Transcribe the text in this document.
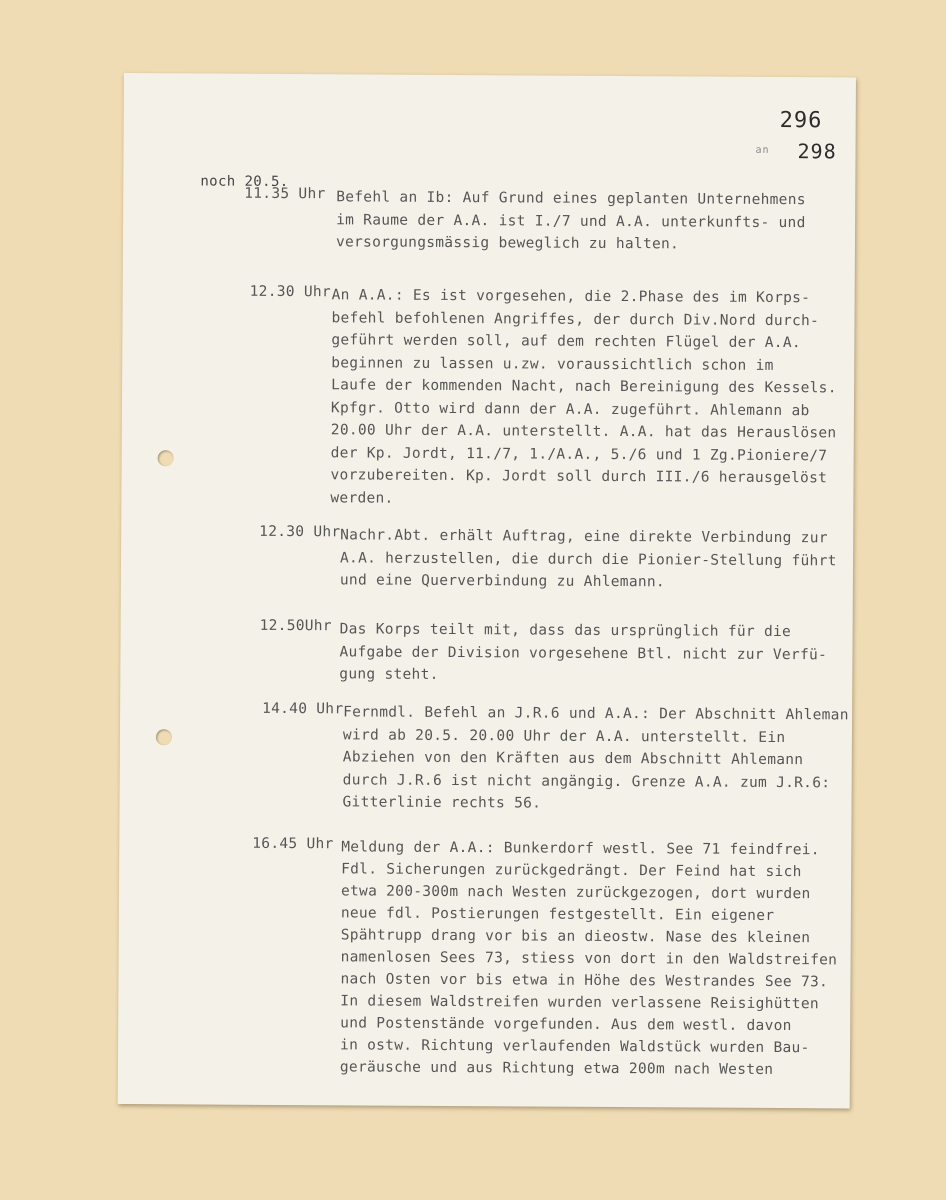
296
an 298
noch 20.5.
11.35 Uhr Befehl an Ib: Auf Grund eines geplanten Unternehmens
im Raume der A.A. ist I./7 und A.A. unterkunfts- und
versorgungsmässig beweglich zu halten.
12.30 Uhr An A.A.: Es ist vorgesehen, die 2.Phase des im Korps-
befehl befohlenen Angriffes, der durch Div.Nord durch-
geführt werden soll, auf dem rechten Flügel der A.A.
beginnen zu lassen u.zw. voraussichtlich schon im
Laufe der kommenden Nacht, nach Bereinigung des Kessels.
Kpfgr. Otto wird dann der A.A. zugeführt. Ahlemann ab
20.00 Uhr der A.A. unterstellt. A.A. hat das Herauslösen
der Kp. Jordt, 11./7, 1./A.A., 5./6 und 1 Zg.Pioniere/7
vorzubereiten. Kp. Jordt soll durch III./6 herausgelöst
werden.
12.30 Uhr Nachr.Abt. erhält Auftrag, eine direkte Verbindung zur
A.A. herzustellen, die durch die Pionier-Stellung führt
und eine Querverbindung zu Ahlemann.
12.50Uhr Das Korps teilt mit, dass das ursprünglich für die
Aufgabe der Division vorgesehene Btl. nicht zur Verfü-
gung steht.
14.40 Uhr Fernmdl. Befehl an J.R.6 und A.A.: Der Abschnitt Ahleman
wird ab 20.5. 20.00 Uhr der A.A. unterstellt. Ein
Abziehen von den Kräften aus dem Abschnitt Ahlemann
durch J.R.6 ist nicht angängig. Grenze A.A. zum J.R.6:
Gitterlinie rechts 56.
16.45 Uhr Meldung der A.A.: Bunkerdorf westl. See 71 feindfrei.
Fdl. Sicherungen zurückgedrängt. Der Feind hat sich
etwa 200-300m nach Westen zurückgezogen, dort wurden
neue fdl. Postierungen festgestellt. Ein eigener
Spähtrupp drang vor bis an dieostw. Nase des kleinen
namenlosen Sees 73, stiess von dort in den Waldstreifen
nach Osten vor bis etwa in Höhe des Westrandes See 73.
In diesem Waldstreifen wurden verlassene Reisighütten
und Postenstände vorgefunden. Aus dem westl. davon
in ostw. Richtung verlaufenden Waldstück wurden Bau-
geräusche und aus Richtung etwa 200m nach Westen
